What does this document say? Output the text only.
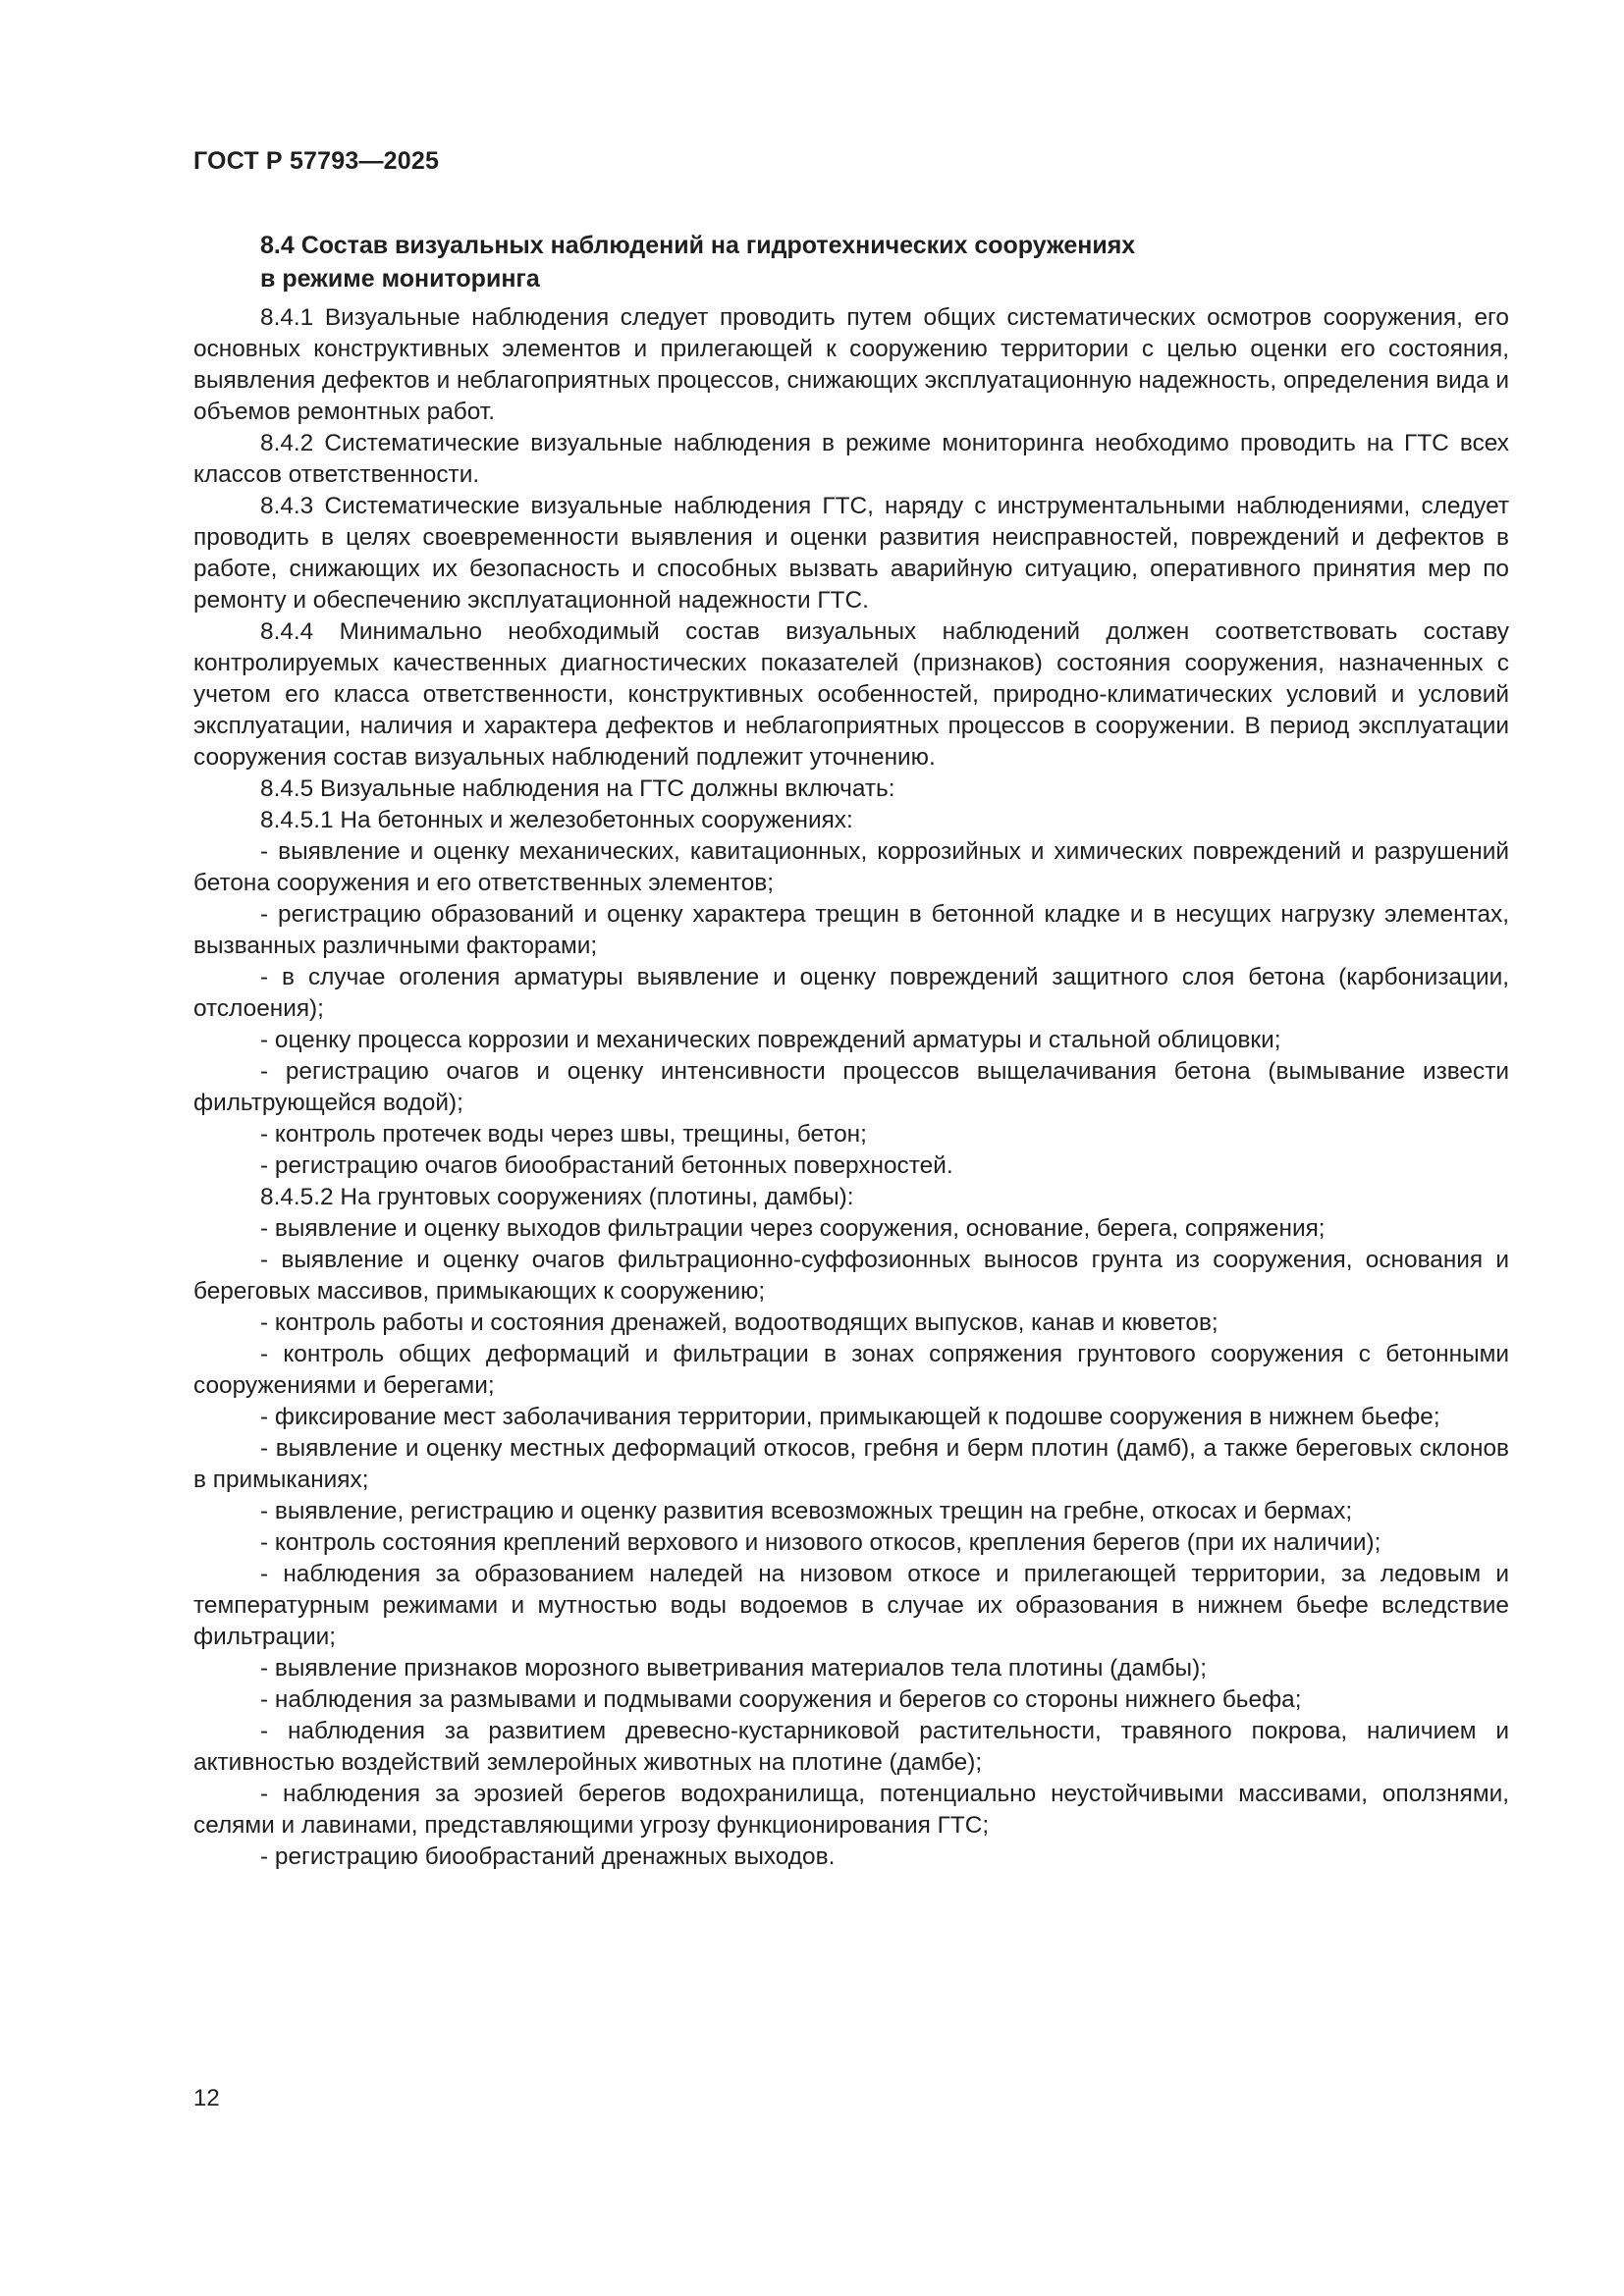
ГОСТ Р 57793—2025

8.4 Состав визуальных наблюдений на гидротехнических сооружениях
в режиме мониторинга

8.4.1 Визуальные наблюдения следует проводить путем общих систематических осмотров сооружения, его основных конструктивных элементов и прилегающей к сооружению территории с целью оценки его состояния, выявления дефектов и неблагоприятных процессов, снижающих эксплуатационную надежность, определения вида и объемов ремонтных работ.

8.4.2 Систематические визуальные наблюдения в режиме мониторинга необходимо проводить на ГТС всех классов ответственности.

8.4.3 Систематические визуальные наблюдения ГТС, наряду с инструментальными наблюдениями, следует проводить в целях своевременности выявления и оценки развития неисправностей, повреждений и дефектов в работе, снижающих их безопасность и способных вызвать аварийную ситуацию, оперативного принятия мер по ремонту и обеспечению эксплуатационной надежности ГТС.

8.4.4 Минимально необходимый состав визуальных наблюдений должен соответствовать составу контролируемых качественных диагностических показателей (признаков) состояния сооружения, назначенных с учетом его класса ответственности, конструктивных особенностей, природно-климатических условий и условий эксплуатации, наличия и характера дефектов и неблагоприятных процессов в сооружении. В период эксплуатации сооружения состав визуальных наблюдений подлежит уточнению.

8.4.5 Визуальные наблюдения на ГТС должны включать:

8.4.5.1 На бетонных и железобетонных сооружениях:

- выявление и оценку механических, кавитационных, коррозийных и химических повреждений и разрушений бетона сооружения и его ответственных элементов;

- регистрацию образований и оценку характера трещин в бетонной кладке и в несущих нагрузку элементах, вызванных различными факторами;

- в случае оголения арматуры выявление и оценку повреждений защитного слоя бетона (карбонизации, отслоения);

- оценку процесса коррозии и механических повреждений арматуры и стальной облицовки;

- регистрацию очагов и оценку интенсивности процессов выщелачивания бетона (вымывание извести фильтрующейся водой);

- контроль протечек воды через швы, трещины, бетон;

- регистрацию очагов биообрастаний бетонных поверхностей.

8.4.5.2 На грунтовых сооружениях (плотины, дамбы):

- выявление и оценку выходов фильтрации через сооружения, основание, берега, сопряжения;

- выявление и оценку очагов фильтрационно-суффозионных выносов грунта из сооружения, основания и береговых массивов, примыкающих к сооружению;

- контроль работы и состояния дренажей, водоотводящих выпусков, канав и кюветов;

- контроль общих деформаций и фильтрации в зонах сопряжения грунтового сооружения с бетонными сооружениями и берегами;

- фиксирование мест заболачивания территории, примыкающей к подошве сооружения в нижнем бьефе;

- выявление и оценку местных деформаций откосов, гребня и берм плотин (дамб), а также береговых склонов в примыканиях;

- выявление, регистрацию и оценку развития всевозможных трещин на гребне, откосах и бермах;

- контроль состояния креплений верхового и низового откосов, крепления берегов (при их наличии);

- наблюдения за образованием наледей на низовом откосе и прилегающей территории, за ледовым и температурным режимами и мутностью воды водоемов в случае их образования в нижнем бьефе вследствие фильтрации;

- выявление признаков морозного выветривания материалов тела плотины (дамбы);

- наблюдения за размывами и подмывами сооружения и берегов со стороны нижнего бьефа;

- наблюдения за развитием древесно-кустарниковой растительности, травяного покрова, наличием и активностью воздействий землеройных животных на плотине (дамбе);

- наблюдения за эрозией берегов водохранилища, потенциально неустойчивыми массивами, оползнями, селями и лавинами, представляющими угрозу функционирования ГТС;

- регистрацию биообрастаний дренажных выходов.

12
